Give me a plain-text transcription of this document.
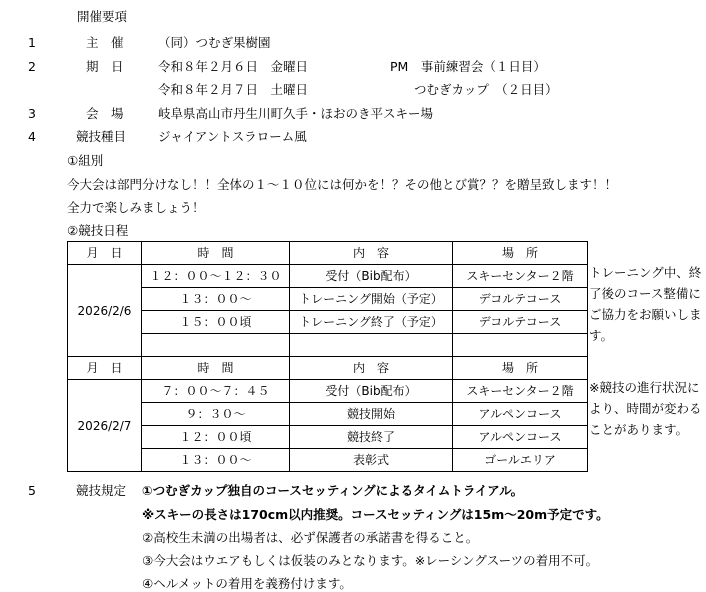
開催要項
1	主　催	（同）つむぎ果樹園
2	期　日	令和８年２月６日　金曜日	PM　事前練習会（１日目）
令和８年２月７日　土曜日	つむぎカップ　（２日目）
3	会　場	岐阜県高山市丹生川町久手・ほおのき平スキー場
4	競技種目	ジャイアントスラローム風
①組別
今大会は部門分けなし！！全体の１〜１０位には何かを！？その他とび賞？？を贈呈致します！！
全力で楽しみましょう！
②競技日程
月　日	時　間	内　容	場　所
2026/2/6	１２：００〜１２：３０	受付（Bib配布）	スキーセンター２階
	１３：００〜	トレーニング開始（予定）	デコルテコース
	１５：００頃	トレーニング終了（予定）	デコルテコース

月　日	時　間	内　容	場　所
2026/2/7	７：００〜７：４５	受付（Bib配布）	スキーセンター２階
	９：３０〜	競技開始	アルペンコース
	１２：００頃	競技終了	アルペンコース
	１３：００〜	表彰式	ゴールエリア
トレーニング中、終了後のコース整備にご協力をお願いします。
※競技の進行状況により、時間が変わることがあります。
5	競技規定 ①つむぎカップ独自のコースセッティングによるタイムトライアル。
※スキーの長さは170cm以内推奨。コースセッティングは15m〜20m予定です。
②高校生未満の出場者は、必ず保護者の承諾書を得ること。
③今大会はウエアもしくは仮装のみとなります。※レーシングスーツの着用不可。
④ヘルメットの着用を義務付けます。
